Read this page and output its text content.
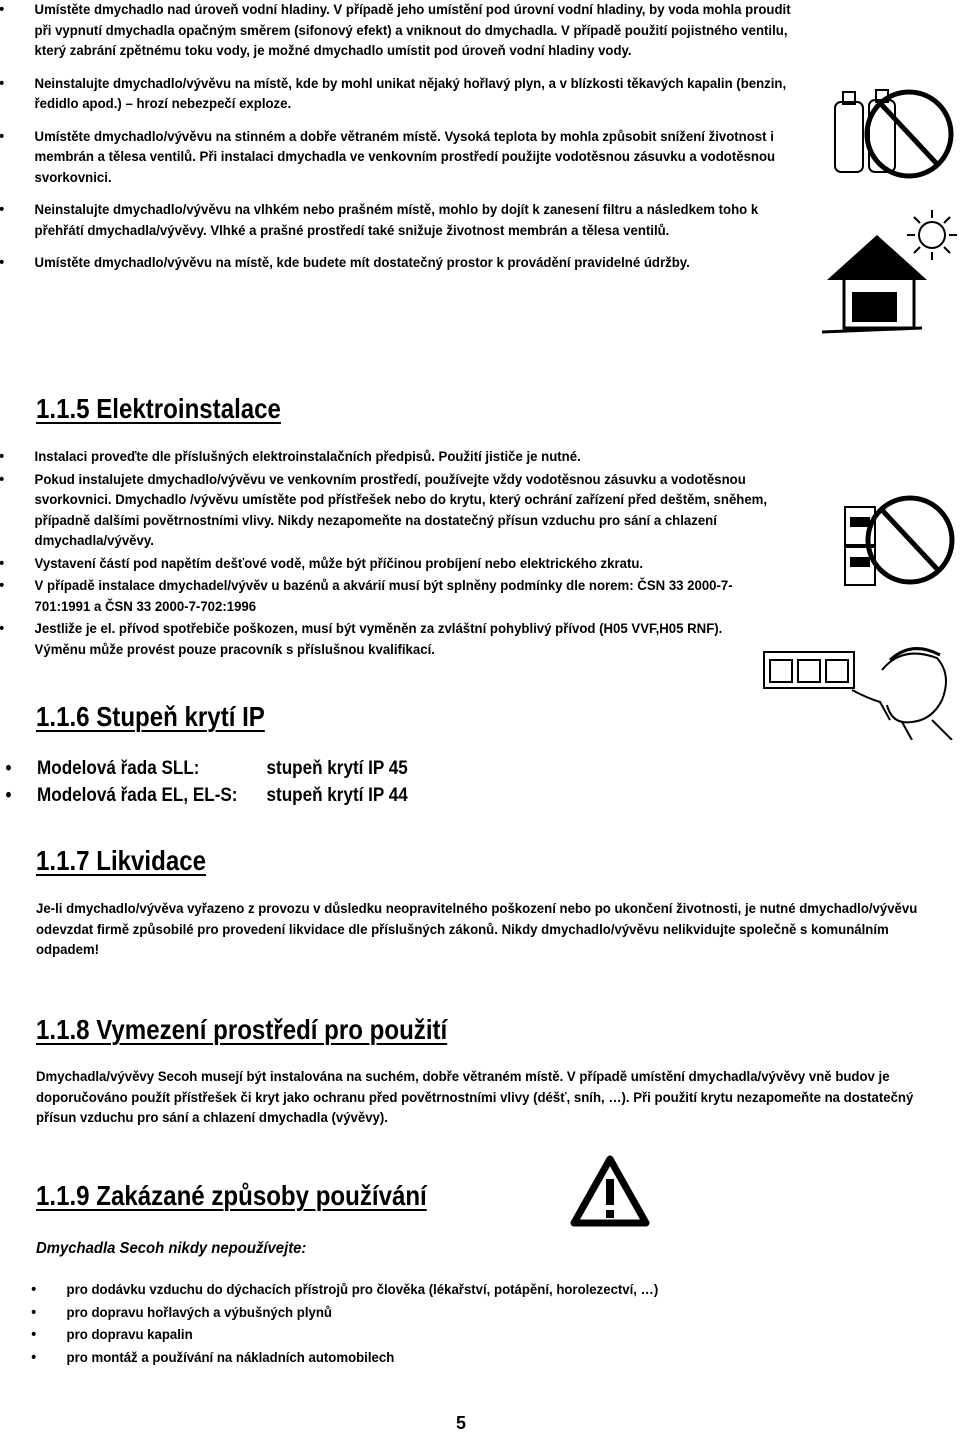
• Umístěte dmychadlo nad úroveň vodní hladiny. V případě jeho umístění pod úrovní vodní hladiny, by voda mohla proudit při vypnutí dmychadla opačným směrem (sifonový efekt) a vniknout do dmychadla. V případě použití pojistného ventilu, který zabrání zpětnému toku vody, je možné dmychadlo umístit pod úroveň vodní hladiny vody.
• Neinstalujte dmychadlo/vývěvu na místě, kde by mohl unikat nějaký hořlavý plyn, a v blízkosti těkavých kapalin (benzin, ředidlo apod.) – hrozí nebezpečí exploze.
• Umístěte dmychadlo/vývěvu na stinném a dobře větraném místě. Vysoká teplota by mohla způsobit snížení životnost i membrán a tělesa ventilů. Při instalaci dmychadla ve venkovním prostředí použijte vodotěsnou zásuvku a vodotěsnou svorkovnici.
• Neinstalujte dmychadlo/vývěvu na vlhkém nebo prašném místě, mohlo by dojít k zanesení filtru a následkem toho k přehřátí dmychadla/vývěvy. Vlhké a prašné prostředí také snižuje životnost membrán a tělesa ventilů.
• Umístěte dmychadlo/vývěvu na místě, kde budete mít dostatečný prostor k provádění pravidelné údržby.
1.1.5 Elektroinstalace
• Instalaci proveďte dle příslušných elektroinstalačních předpisů. Použití jističe je nutné.
• Pokud instalujete dmychadlo/vývěvu ve venkovním prostředí, používejte vždy vodotěsnou zásuvku a vodotěsnou svorkovnici. Dmychadlo /vývěvu umístěte pod přístřešek nebo do krytu, který ochrání zařízení před deštěm, sněhem, případně dalšími povětrnostními vlivy. Nikdy nezapomeňte na dostatečný přísun vzduchu pro sání a chlazení dmychadla/vývěvy.
• Vystavení částí pod napětím dešťové vodě, může být příčinou probíjení nebo elektrického zkratu.
• V případě instalace dmychadel/vývěv u bazénů a akvárií musí být splněny podmínky dle norem: ČSN 33 2000-7-701:1991 a ČSN 33 2000-7-702:1996
• Jestliže je el. přívod spotřebiče poškozen, musí být vyměněn za zvláštní pohyblivý přívod (H05 VVF,H05 RNF). Výměnu může provést pouze pracovník s příslušnou kvalifikací.
1.1.6 Stupeň krytí IP
• Modelová řada SLL:	stupeň krytí IP 45
• Modelová řada EL, EL-S:	stupeň krytí IP 44
1.1.7 Likvidace
Je-li dmychadlo/vývěva vyřazeno z provozu v důsledku neopravitelného poškození nebo po ukončení životnosti, je nutné dmychadlo/vývěvu odevzdat firmě způsobilé pro provedení likvidace dle příslušných zákonů. Nikdy dmychadlo/vývěvu nelikvidujte společně s komunálním odpadem!
1.1.8 Vymezení prostředí pro použití
Dmychadla/vývěvy Secoh musejí být instalována na suchém, dobře větraném místě. V případě umístění dmychadla/vývěvy vně budov je doporučováno použít přístřešek či kryt jako ochranu před povětrnostními vlivy (déšť, sníh, …). Při použití krytu nezapomeňte na dostatečný přísun vzduchu pro sání a chlazení dmychadla (vývěvy).
1.1.9 Zakázané způsoby používání
Dmychadla Secoh nikdy nepoužívejte:
• pro dodávku vzduchu do dýchacích přístrojů pro člověka (lékařství, potápění, horolezectví, …)
• pro dopravu hořlavých a výbušných plynů
• pro dopravu kapalin
• pro montáž a používání na nákladních automobilech
5
